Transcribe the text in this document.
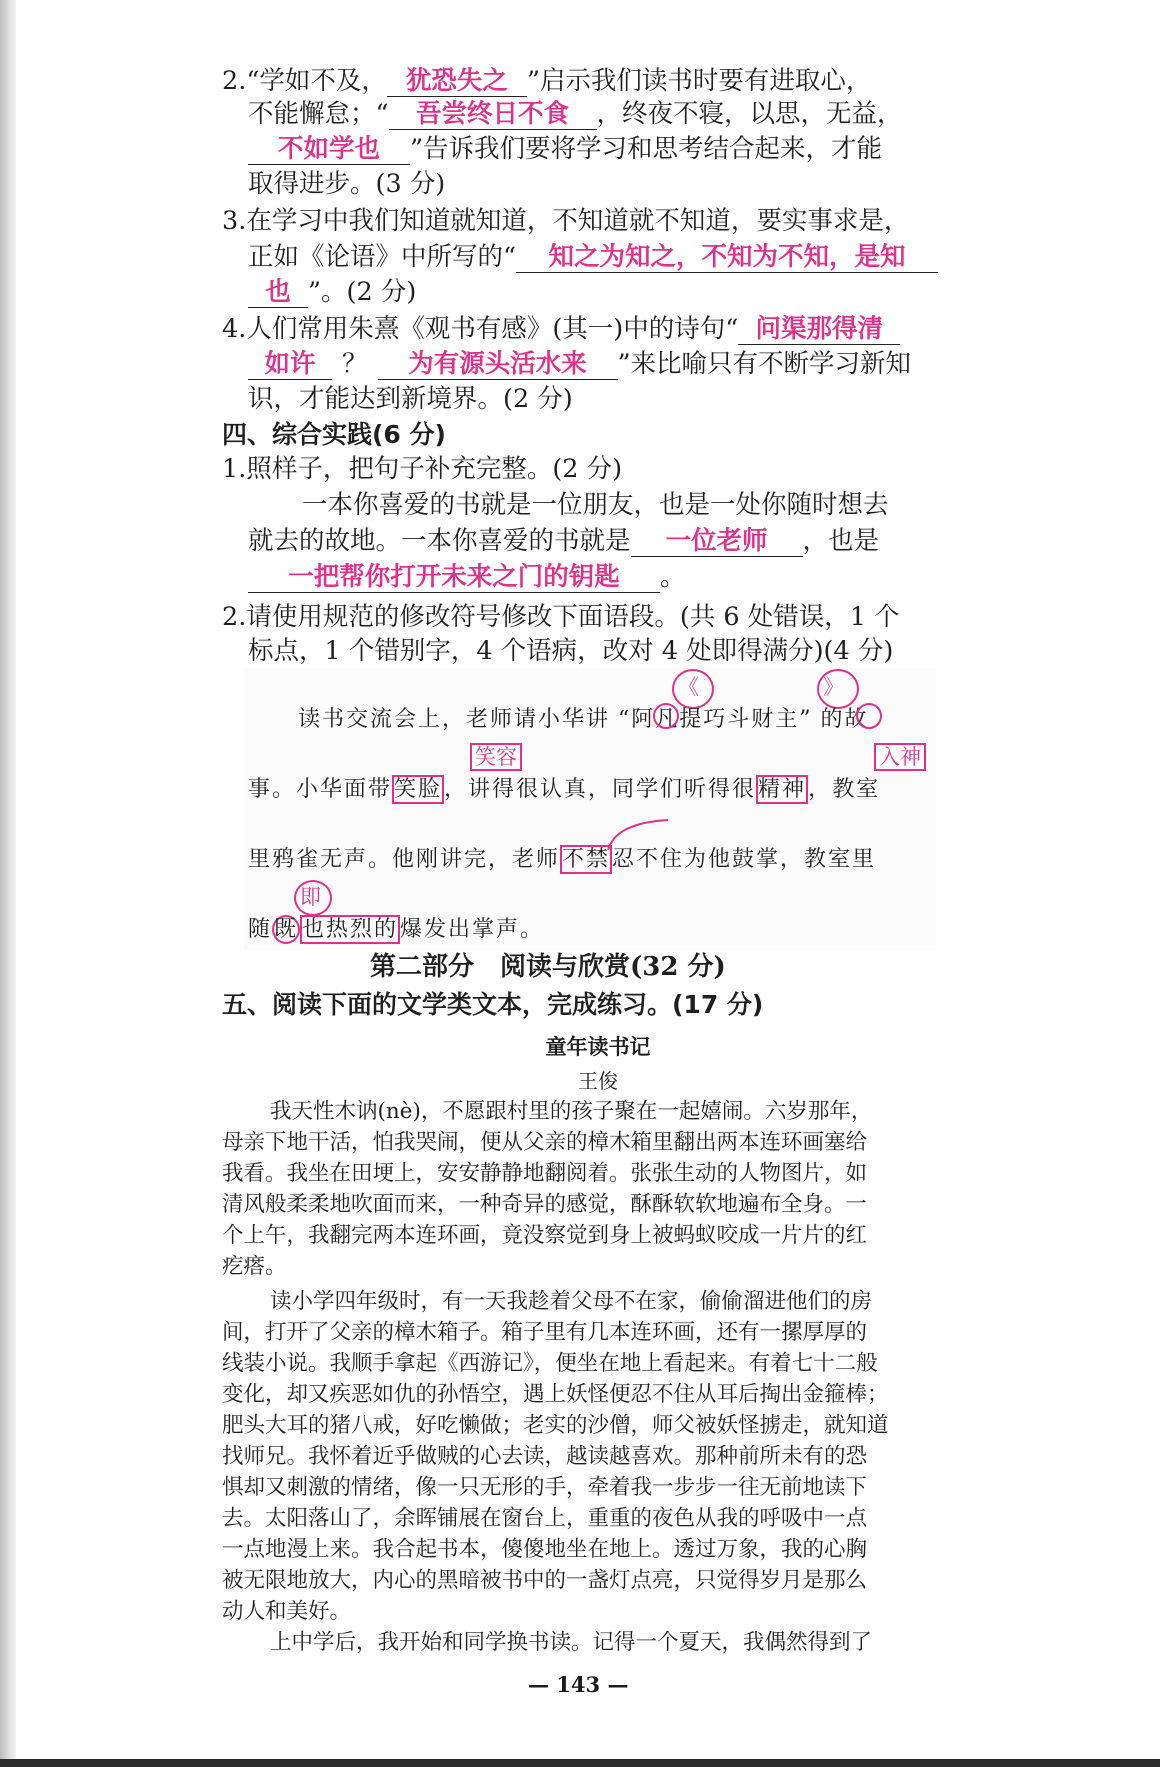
2.“学如不及， 犹恐失之 ”启示我们读书时要有进取心，
不能懈怠；“ 吾尝终日不食 ，终夜不寝，以思，无益，
不如学也 ”告诉我们要将学习和思考结合起来，才能
取得进步。(3 分)
3.在学习中我们知道就知道，不知道就不知道，要实事求是，
正如《论语》中所写的“ 知之为知之，不知为不知，是知
也 ”。(2 分)
4.人们常用朱熹《观书有感》(其一)中的诗句“ 问渠那得清
如许 ？ 为有源头活水来 ”来比喻只有不断学习新知
识，才能达到新境界。(2 分)
四、综合实践(6 分)
1.照样子，把句子补充完整。(2 分)
一本你喜爱的书就是一位朋友，也是一处你随时想去
就去的故地。一本你喜爱的书就是 一位老师 ，也是
一把帮你打开未来之门的钥匙 。
2.请使用规范的修改符号修改下面语段。(共 6 处错误，1 个
标点，1 个错别字，4 个语病，改对 4 处即得满分)(4 分)
《	》
读书交流会上，老师请小华讲 “阿凡提巧斗财主” 的故
笑容	入神
事。小华面带笑脸，讲得很认真，同学们听得很精神，教室
里鸦雀无声。他刚讲完，老师不禁忍不住为他鼓掌，教室里
即
随既 也热烈的爆发出掌声。
第二部分　阅读与欣赏(32 分)
五、阅读下面的文学类文本，完成练习。(17 分)
童年读书记
王俊
我天性木讷(nè)，不愿跟村里的孩子聚在一起嬉闹。六岁那年，
母亲下地干活，怕我哭闹，便从父亲的樟木箱里翻出两本连环画塞给
我看。我坐在田埂上，安安静静地翻阅着。张张生动的人物图片，如
清风般柔柔地吹面而来，一种奇异的感觉，酥酥软软地遍布全身。一
个上午，我翻完两本连环画，竟没察觉到身上被蚂蚁咬成一片片的红
疙瘩。
读小学四年级时，有一天我趁着父母不在家，偷偷溜进他们的房
间，打开了父亲的樟木箱子。箱子里有几本连环画，还有一摞厚厚的
线装小说。我顺手拿起《西游记》，便坐在地上看起来。有着七十二般
变化，却又疾恶如仇的孙悟空，遇上妖怪便忍不住从耳后掏出金箍棒；
肥头大耳的猪八戒，好吃懒做；老实的沙僧，师父被妖怪掳走，就知道
找师兄。我怀着近乎做贼的心去读，越读越喜欢。那种前所未有的恐
惧却又刺激的情绪，像一只无形的手，牵着我一步步一往无前地读下
去。太阳落山了，余晖铺展在窗台上，重重的夜色从我的呼吸中一点
一点地漫上来。我合起书本，傻傻地坐在地上。透过万象，我的心胸
被无限地放大，内心的黑暗被书中的一盏灯点亮，只觉得岁月是那么
动人和美好。
上中学后，我开始和同学换书读。记得一个夏天，我偶然得到了
— 143 —
